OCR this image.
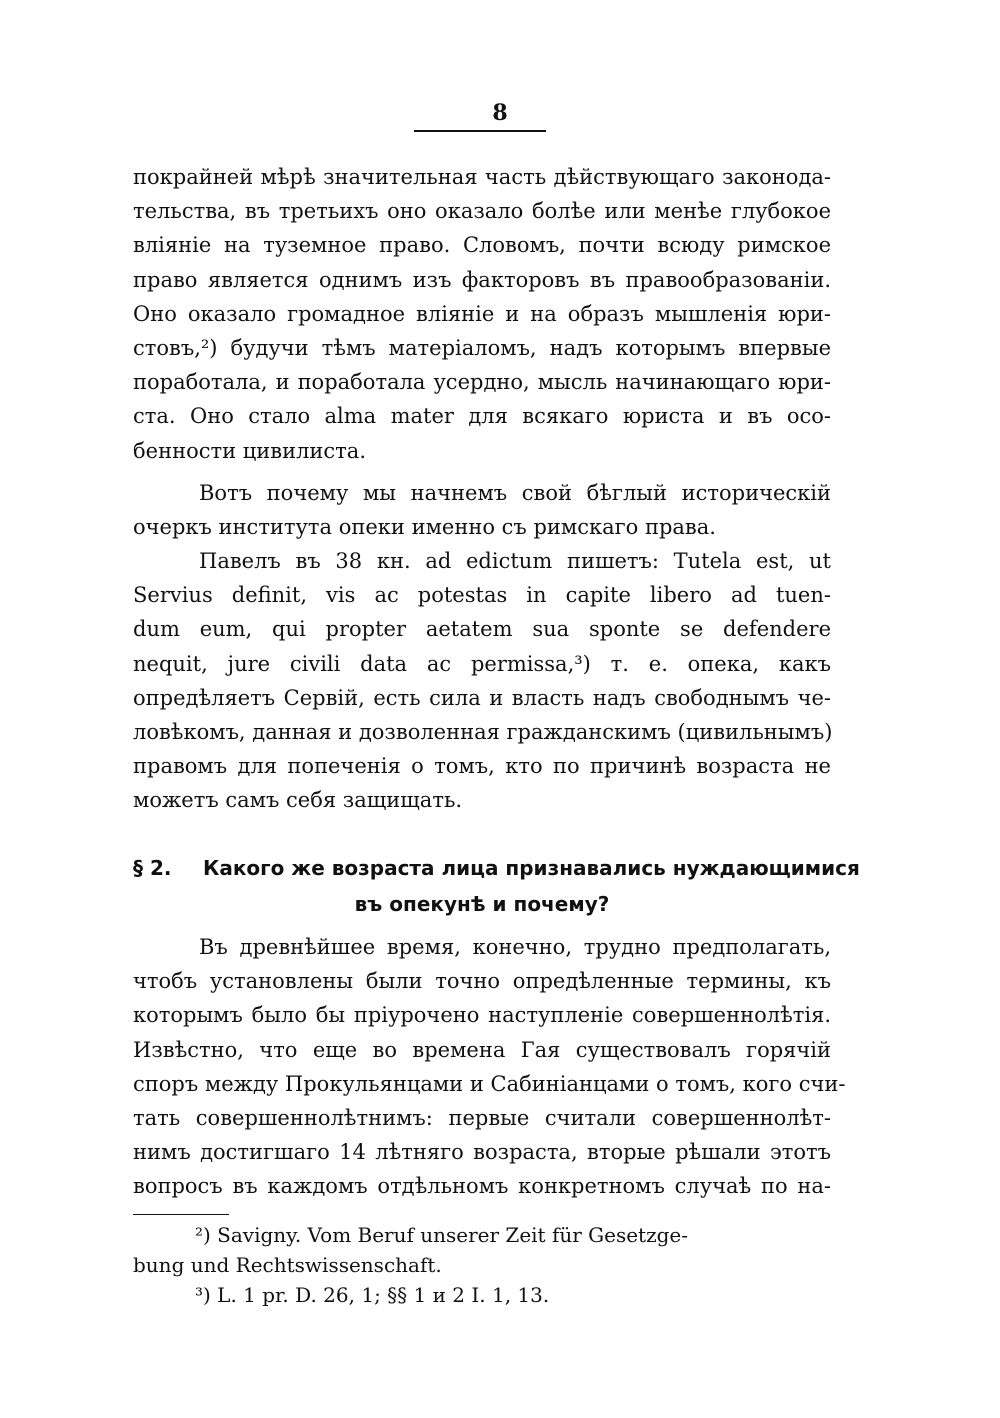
8
покрайней мѣрѣ значительная часть дѣйствующаго законода-
тельства, въ третьихъ оно оказало болѣе или менѣе глубокое
вліяніе на туземное право. Словомъ, почти всюду римское
право является однимъ изъ факторовъ въ правообразованіи.
Оно оказало громадное вліяніе и на образъ мышленія юри-
стовъ,²) будучи тѣмъ матеріаломъ, надъ которымъ впервые
поработала, и поработала усердно, мысль начинающаго юри-
ста. Оно стало alma mater для всякаго юриста и въ осо-
бенности цивилиста.
Вотъ почему мы начнемъ свой бѣглый историческій
очеркъ института опеки именно съ римскаго права.
Павелъ въ 38 кн. ad edictum пишетъ: Tutela est, ut
Servius definit, vis ac potestas in capite libero ad tuen-
dum eum, qui propter aetatem sua sponte se defendere
nequit, jure civili data ac permissa,³) т. е. опека, какъ
опредѣляетъ Сервій, есть сила и власть надъ свободнымъ че-
ловѣкомъ, данная и дозволенная гражданскимъ (цивильнымъ)
правомъ для попеченія о томъ, кто по причинѣ возраста не
можетъ самъ себя защищать.
§ 2. Какого же возраста лица признавались нуждающимися
въ опекунѣ и почему?
Въ древнѣйшее время, конечно, трудно предполагать,
чтобъ установлены были точно опредѣленные термины, къ
которымъ было бы пріурочено наступленіе совершеннолѣтія.
Извѣстно, что еще во времена Гая существовалъ горячій
споръ между Прокульянцами и Сабиніанцами о томъ, кого счи-
тать совершеннолѣтнимъ: первые считали совершеннолѣт-
нимъ достигшаго 14 лѣтняго возраста, вторые рѣшали этотъ
вопросъ въ каждомъ отдѣльномъ конкретномъ случаѣ по на-
²) Savigny. Vom Beruf unserer Zeit für Gesetzge-
bung und Rechtswissenschaft.
³) L. 1 pr. D. 26, 1; §§ 1 и 2 I. 1, 13.
